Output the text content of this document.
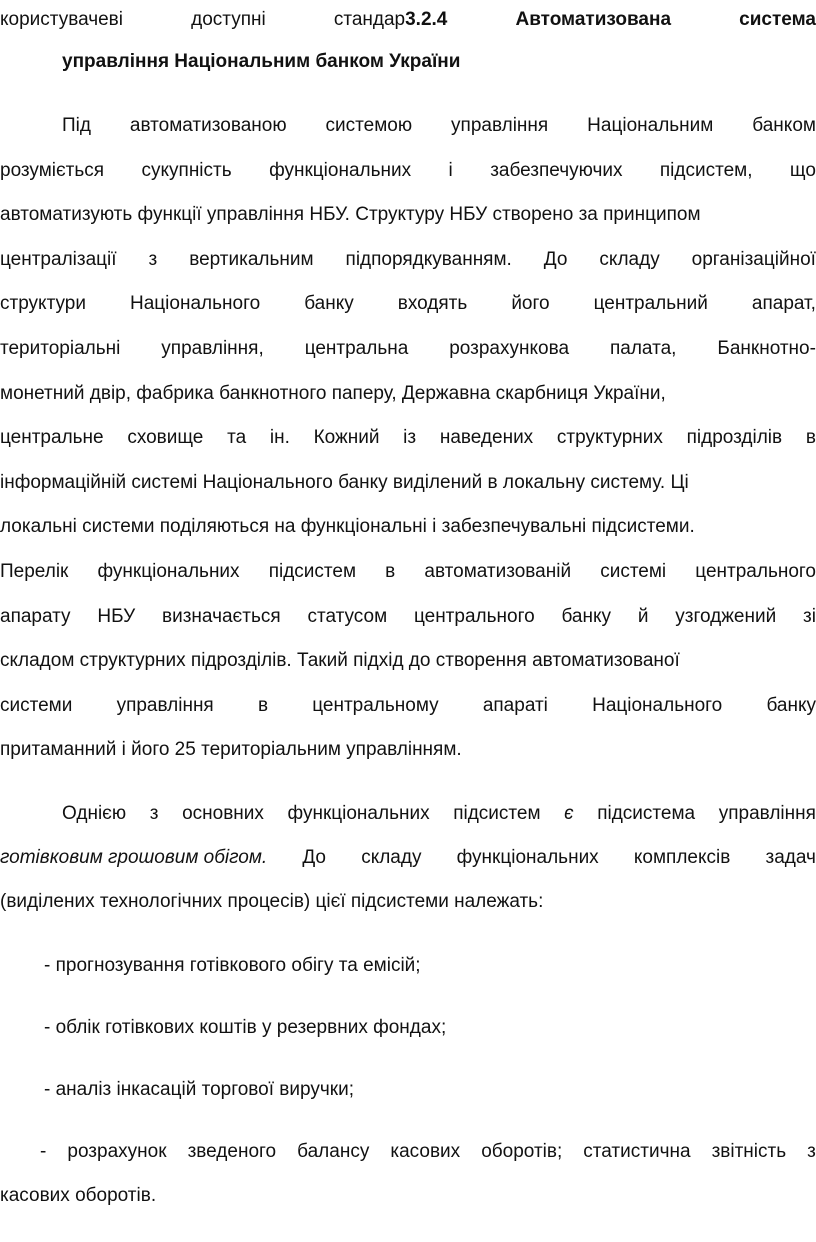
користувачеві	доступні	стандар3.2.4	Автоматизована	система
управління Національним банком України
Під автоматизованою системою управління Національним банком
розуміється сукупність функціональних і забезпечуючих підсистем, що
автоматизують функції управління НБУ. Структуру НБУ створено за принципом
централізації з вертикальним підпорядкуванням. До складу організаційної
структури Національного банку входять його центральний апарат,
територіальні управління, центральна розрахункова палата, Банкнотно-
монетний двір, фабрика банкнотного паперу, Державна скарбниця України,
центральне сховище та ін. Кожний із наведених структурних підрозділів в
інформаційній системі Національного банку виділений в локальну систему. Ці
локальні системи поділяються на функціональні і забезпечувальні підсистеми.
Перелік функціональних підсистем в автоматизованій системі центрального
апарату НБУ визначається статусом центрального банку й узгоджений зі
складом структурних підрозділів. Такий підхід до створення автоматизованої
системи управління в центральному апараті Національного банку
притаманний і його 25 територіальним управлінням.
Однією з основних функціональних підсистем є підсистема управління
готівковим грошовим обігом. До складу функціональних комплексів задач
(виділених технологічних процесів) цієї підсистеми належать:
- прогнозування готівкового обігу та емісій;
- облік готівкових коштів у резервних фондах;
- аналіз інкасацій торгової виручки;
- розрахунок зведеного балансу касових оборотів; статистична звітність з
касових оборотів.
